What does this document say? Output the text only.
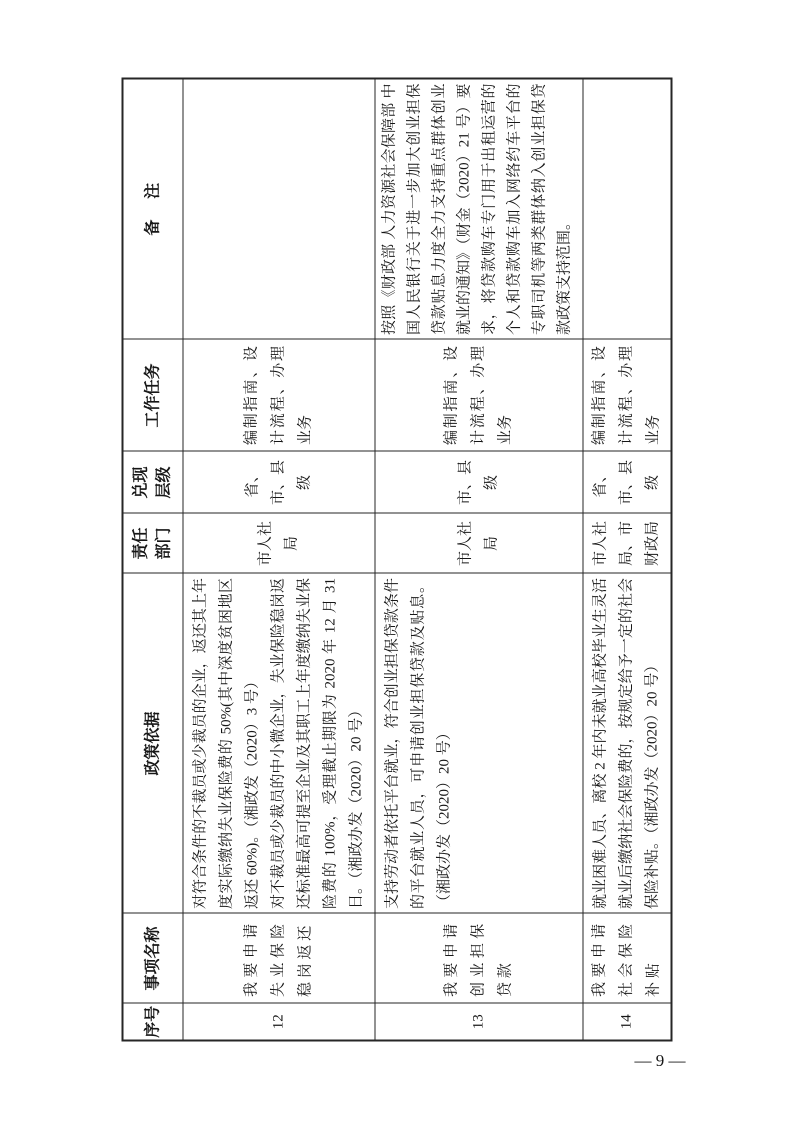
序号	事项名称	政策依据	责任部门	兑现层级	工作任务	备注
12	我要申请失业保险稳岗返还	对符合条件的不裁员或少裁员的企业，返还其上年度实际缴纳失业保险费的 50%(其中深度贫困地区返还 60%)。（湘政发（2020）3 号） 对不裁员或少裁员的中小微企业，失业保险稳岗返还标准最高可提至企业及其职工上年度缴纳失业保险费的 100%，受理截止期限为 2020 年 12 月 31 日。（湘政办发（2020）20 号）	市人社局	省、市、县级	编制指南、设计流程、办理业务	
13	我要申请创业担保贷款	支持劳动者依托平台就业，符合创业担保贷款条件的平台就业人员，可申请创业担保贷款及贴息。（湘政办发（2020）20 号）	市人社局	市、县级	编制指南、设计流程、办理业务	按照《财政部 人力资源社会保障部 中国人民银行关于进一步加大创业担保贷款贴息力度全力支持重点群体创业就业的通知》（财金（2020）21 号）要求，将贷款购车专门用于出租运营的个人和贷款购车加入网络约车平台的专职司机等两类群体纳入创业担保贷款政策支持范围。
14	我要申请社会保险补贴	就业困难人员、离校 2 年内未就业高校毕业生灵活就业后缴纳社会保险费的，按规定给予一定的社会保险补贴。（湘政办发（2020）20 号）	市人社局、市财政局	省、市、县级	编制指南、设计流程、办理业务	
— 9 —
